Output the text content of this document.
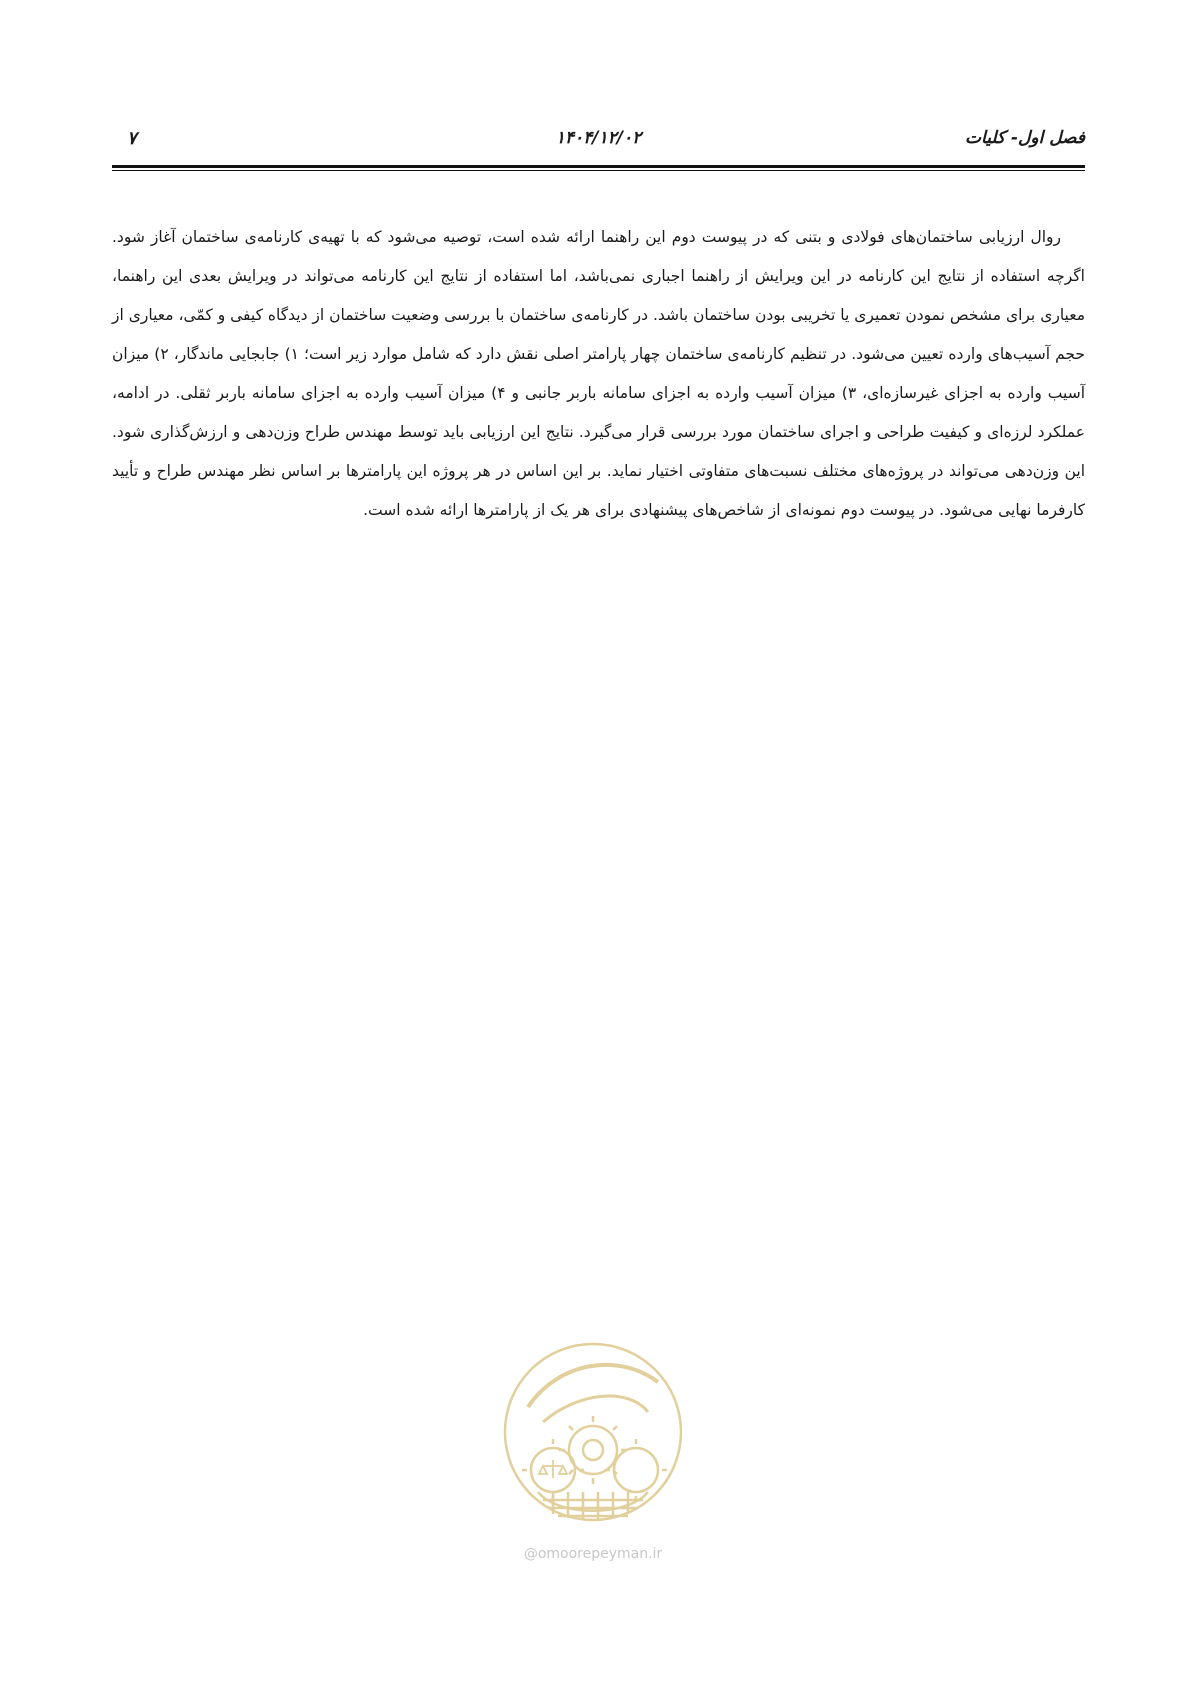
فصل اول- کلیات
۱۴۰۴/۱۲/۰۲
۷

روال ارزیابی ساختمان‌های فولادی و بتنی که در پیوست دوم این راهنما ارائه شده است، توصیه می‌شود که با تهیه‌ی کارنامه‌ی ساختمان آغاز شود. اگرچه استفاده از نتایج این کارنامه در این ویرایش از راهنما اجباری نمی‌باشد، اما استفاده از نتایج این کارنامه می‌تواند در ویرایش بعدی این راهنما، معیاری برای مشخص نمودن تعمیری یا تخریبی بودن ساختمان باشد. در کارنامه‌ی ساختمان با بررسی وضعیت ساختمان از دیدگاه کیفی و کمّی، معیاری از حجم آسیب‌های وارده تعیین می‌شود. در تنظیم کارنامه‌ی ساختمان چهار پارامتر اصلی نقش دارد که شامل موارد زیر است؛ ۱) جابجایی ماندگار، ۲) میزان آسیب وارده به اجزای غیرسازه‌ای، ۳) میزان آسیب وارده به اجزای سامانه باربر جانبی و ۴) میزان آسیب وارده به اجزای سامانه باربر ثقلی. در ادامه، عملکرد لرزه‌ای و کیفیت طراحی و اجرای ساختمان مورد بررسی قرار می‌گیرد. نتایج این ارزیابی باید توسط مهندس طراح وزن‌دهی و ارزش‌گذاری شود. این وزن‌دهی می‌تواند در پروژه‌های مختلف نسبت‌های متفاوتی اختیار نماید. بر این اساس در هر پروژه این پارامترها بر اساس نظر مهندس طراح و تأیید کارفرما نهایی می‌شود. در پیوست دوم نمونه‌ای از شاخص‌های پیشنهادی برای هر یک از پارامترها ارائه شده است.

@omoorepeyman.ir
